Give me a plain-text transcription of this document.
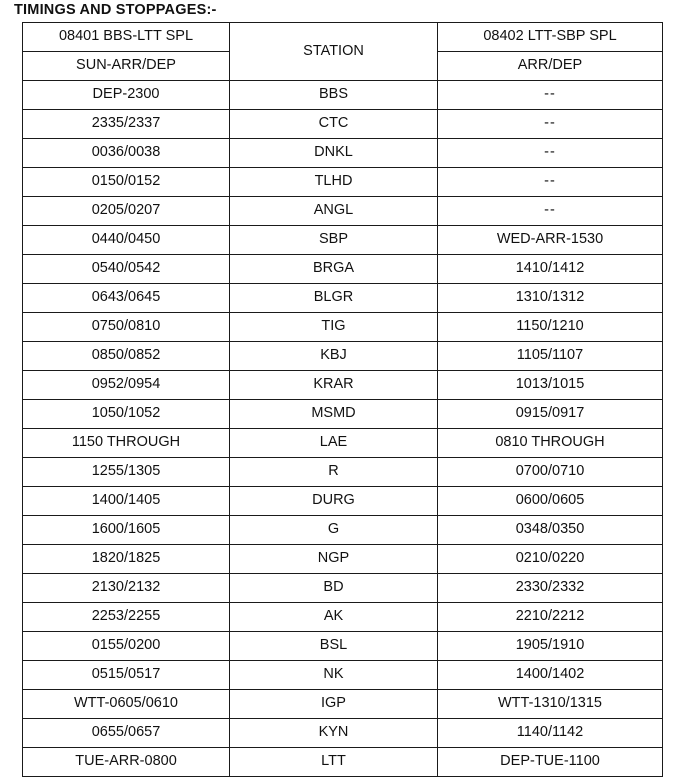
TIMINGS AND STOPPAGES:-
08401 BBS-LTT SPL	STATION	08402 LTT-SBP SPL
SUN-ARR/DEP		ARR/DEP
DEP-2300	BBS	--
2335/2337	CTC	--
0036/0038	DNKL	--
0150/0152	TLHD	--
0205/0207	ANGL	--
0440/0450	SBP	WED-ARR-1530
0540/0542	BRGA	1410/1412
0643/0645	BLGR	1310/1312
0750/0810	TIG	1150/1210
0850/0852	KBJ	1105/1107
0952/0954	KRAR	1013/1015
1050/1052	MSMD	0915/0917
1150 THROUGH	LAE	0810 THROUGH
1255/1305	R	0700/0710
1400/1405	DURG	0600/0605
1600/1605	G	0348/0350
1820/1825	NGP	0210/0220
2130/2132	BD	2330/2332
2253/2255	AK	2210/2212
0155/0200	BSL	1905/1910
0515/0517	NK	1400/1402
WTT-0605/0610	IGP	WTT-1310/1315
0655/0657	KYN	1140/1142
TUE-ARR-0800	LTT	DEP-TUE-1100
